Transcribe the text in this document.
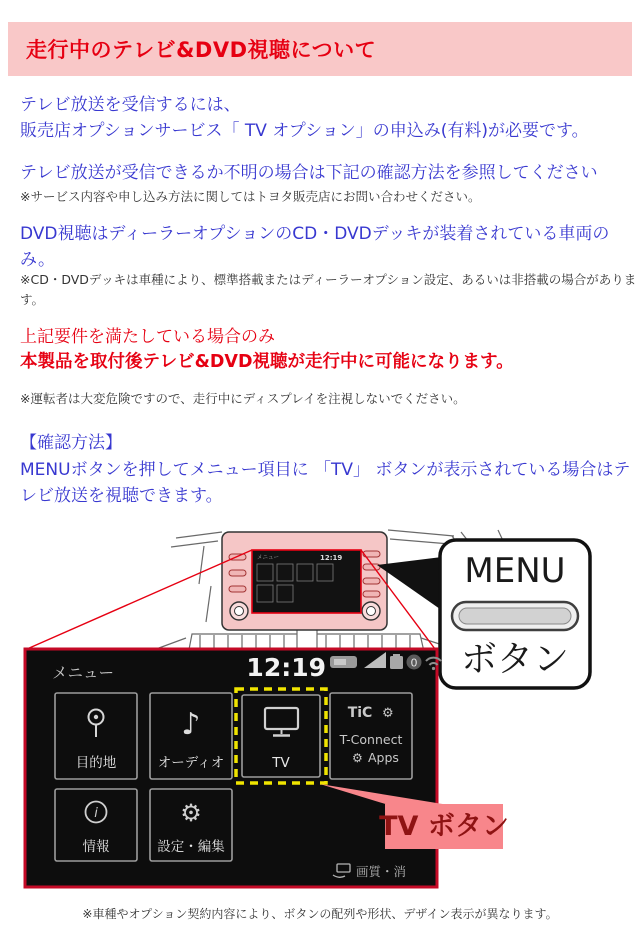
走行中のテレビ&DVD視聴について
テレビ放送を受信するには、
販売店オプションサービス「 TV オプション」の申込み(有料)が必要です。
テレビ放送が受信できるか不明の場合は下記の確認方法を参照してください
※サービス内容や申し込み方法に関してはトヨタ販売店にお問い合わせください。
DVD視聴はディーラーオプションのCD・DVDデッキが装着されている車両の
み。
※CD・DVDデッキは車種により、標準搭載またはディーラーオプション設定、あるいは非搭載の場合がありま
す。
上記要件を満たしている場合のみ
本製品を取付後テレビ&DVD視聴が走行中に可能になります。
※運転者は大変危険ですので、走行中にディスプレイを注視しないでください。
【確認方法】
MENUボタンを押してメニュー項目に 「TV」 ボタンが表示されている場合はテ
レビ放送を視聴できます。
メニュー	12:19	MENU
ボタン
メニュー	12:19	0
目的地
♪
オーディオ	TV
TiC ⚙
T-Connect
⚙ Apps
i
情報
⚙
設定・編集
画質・消
TV ボタン
※車種やオプション契約内容により、ボタンの配列や形状、デザイン表示が異なります。
